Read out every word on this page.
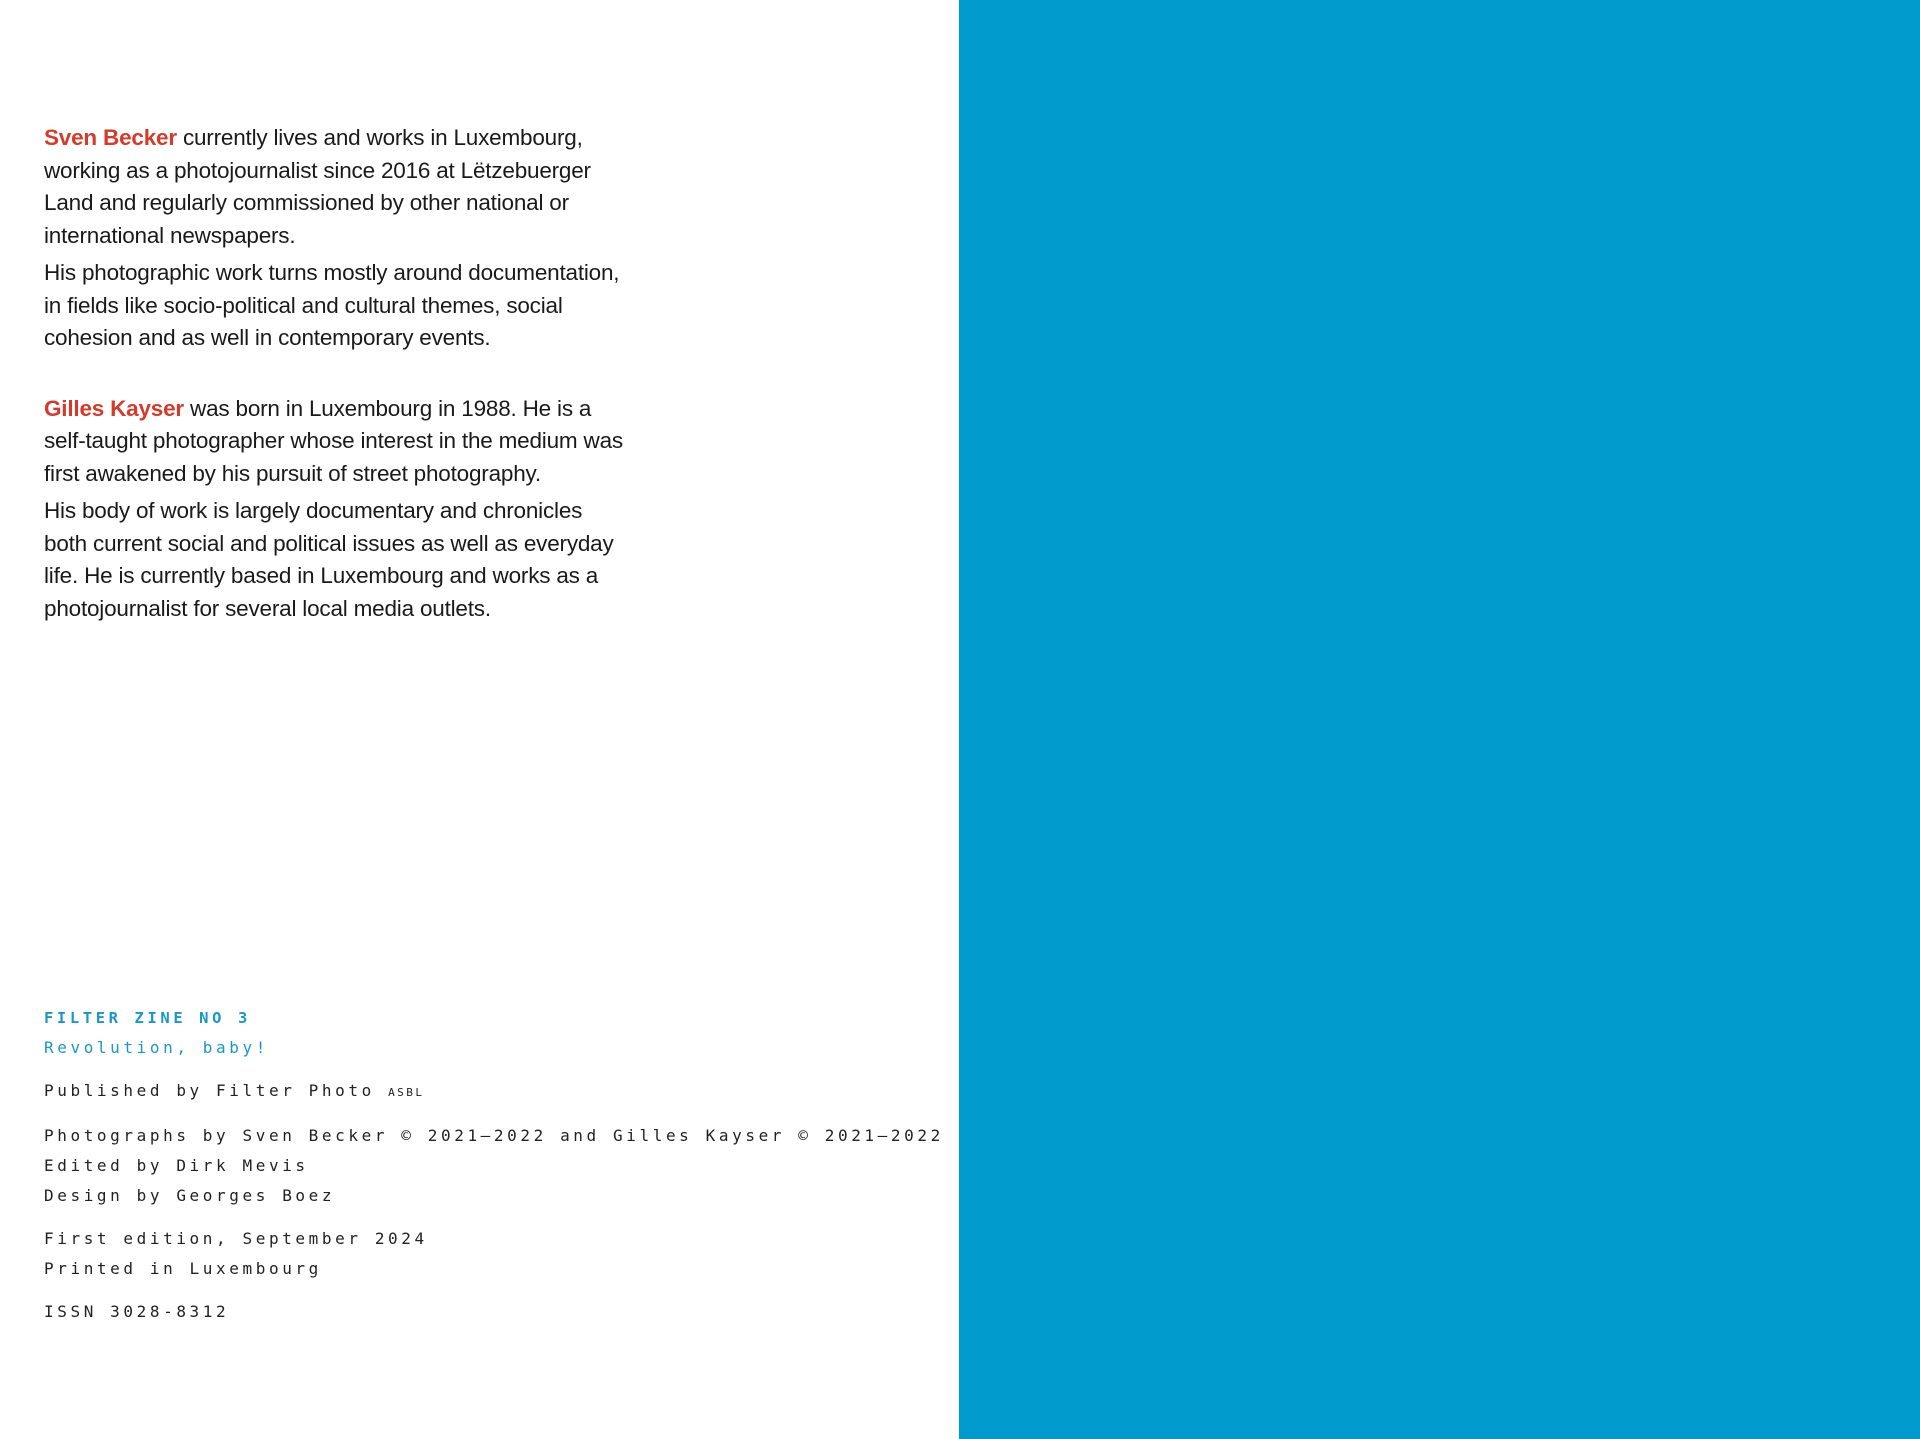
Sven Becker currently lives and works in Luxembourg, working as a photojournalist since 2016 at Lëtzebuerger Land and regularly commissioned by other national or international newspapers.

His photographic work turns mostly around documentation, in fields like socio-political and cultural themes, social cohesion and as well in contemporary events.

Gilles Kayser was born in Luxembourg in 1988. He is a self-taught photographer whose interest in the medium was first awakened by his pursuit of street photography.

His body of work is largely documentary and chronicles both current social and political issues as well as everyday life. He is currently based in Luxembourg and works as a photojournalist for several local media outlets.

FILTER ZINE NO 3
Revolution, baby!
Published by Filter Photo ASBL
Photographs by Sven Becker © 2021–2022 and Gilles Kayser © 2021–2022
Edited by Dirk Mevis
Design by Georges Boez
First edition, September 2024
Printed in Luxembourg
ISSN 3028-8312
